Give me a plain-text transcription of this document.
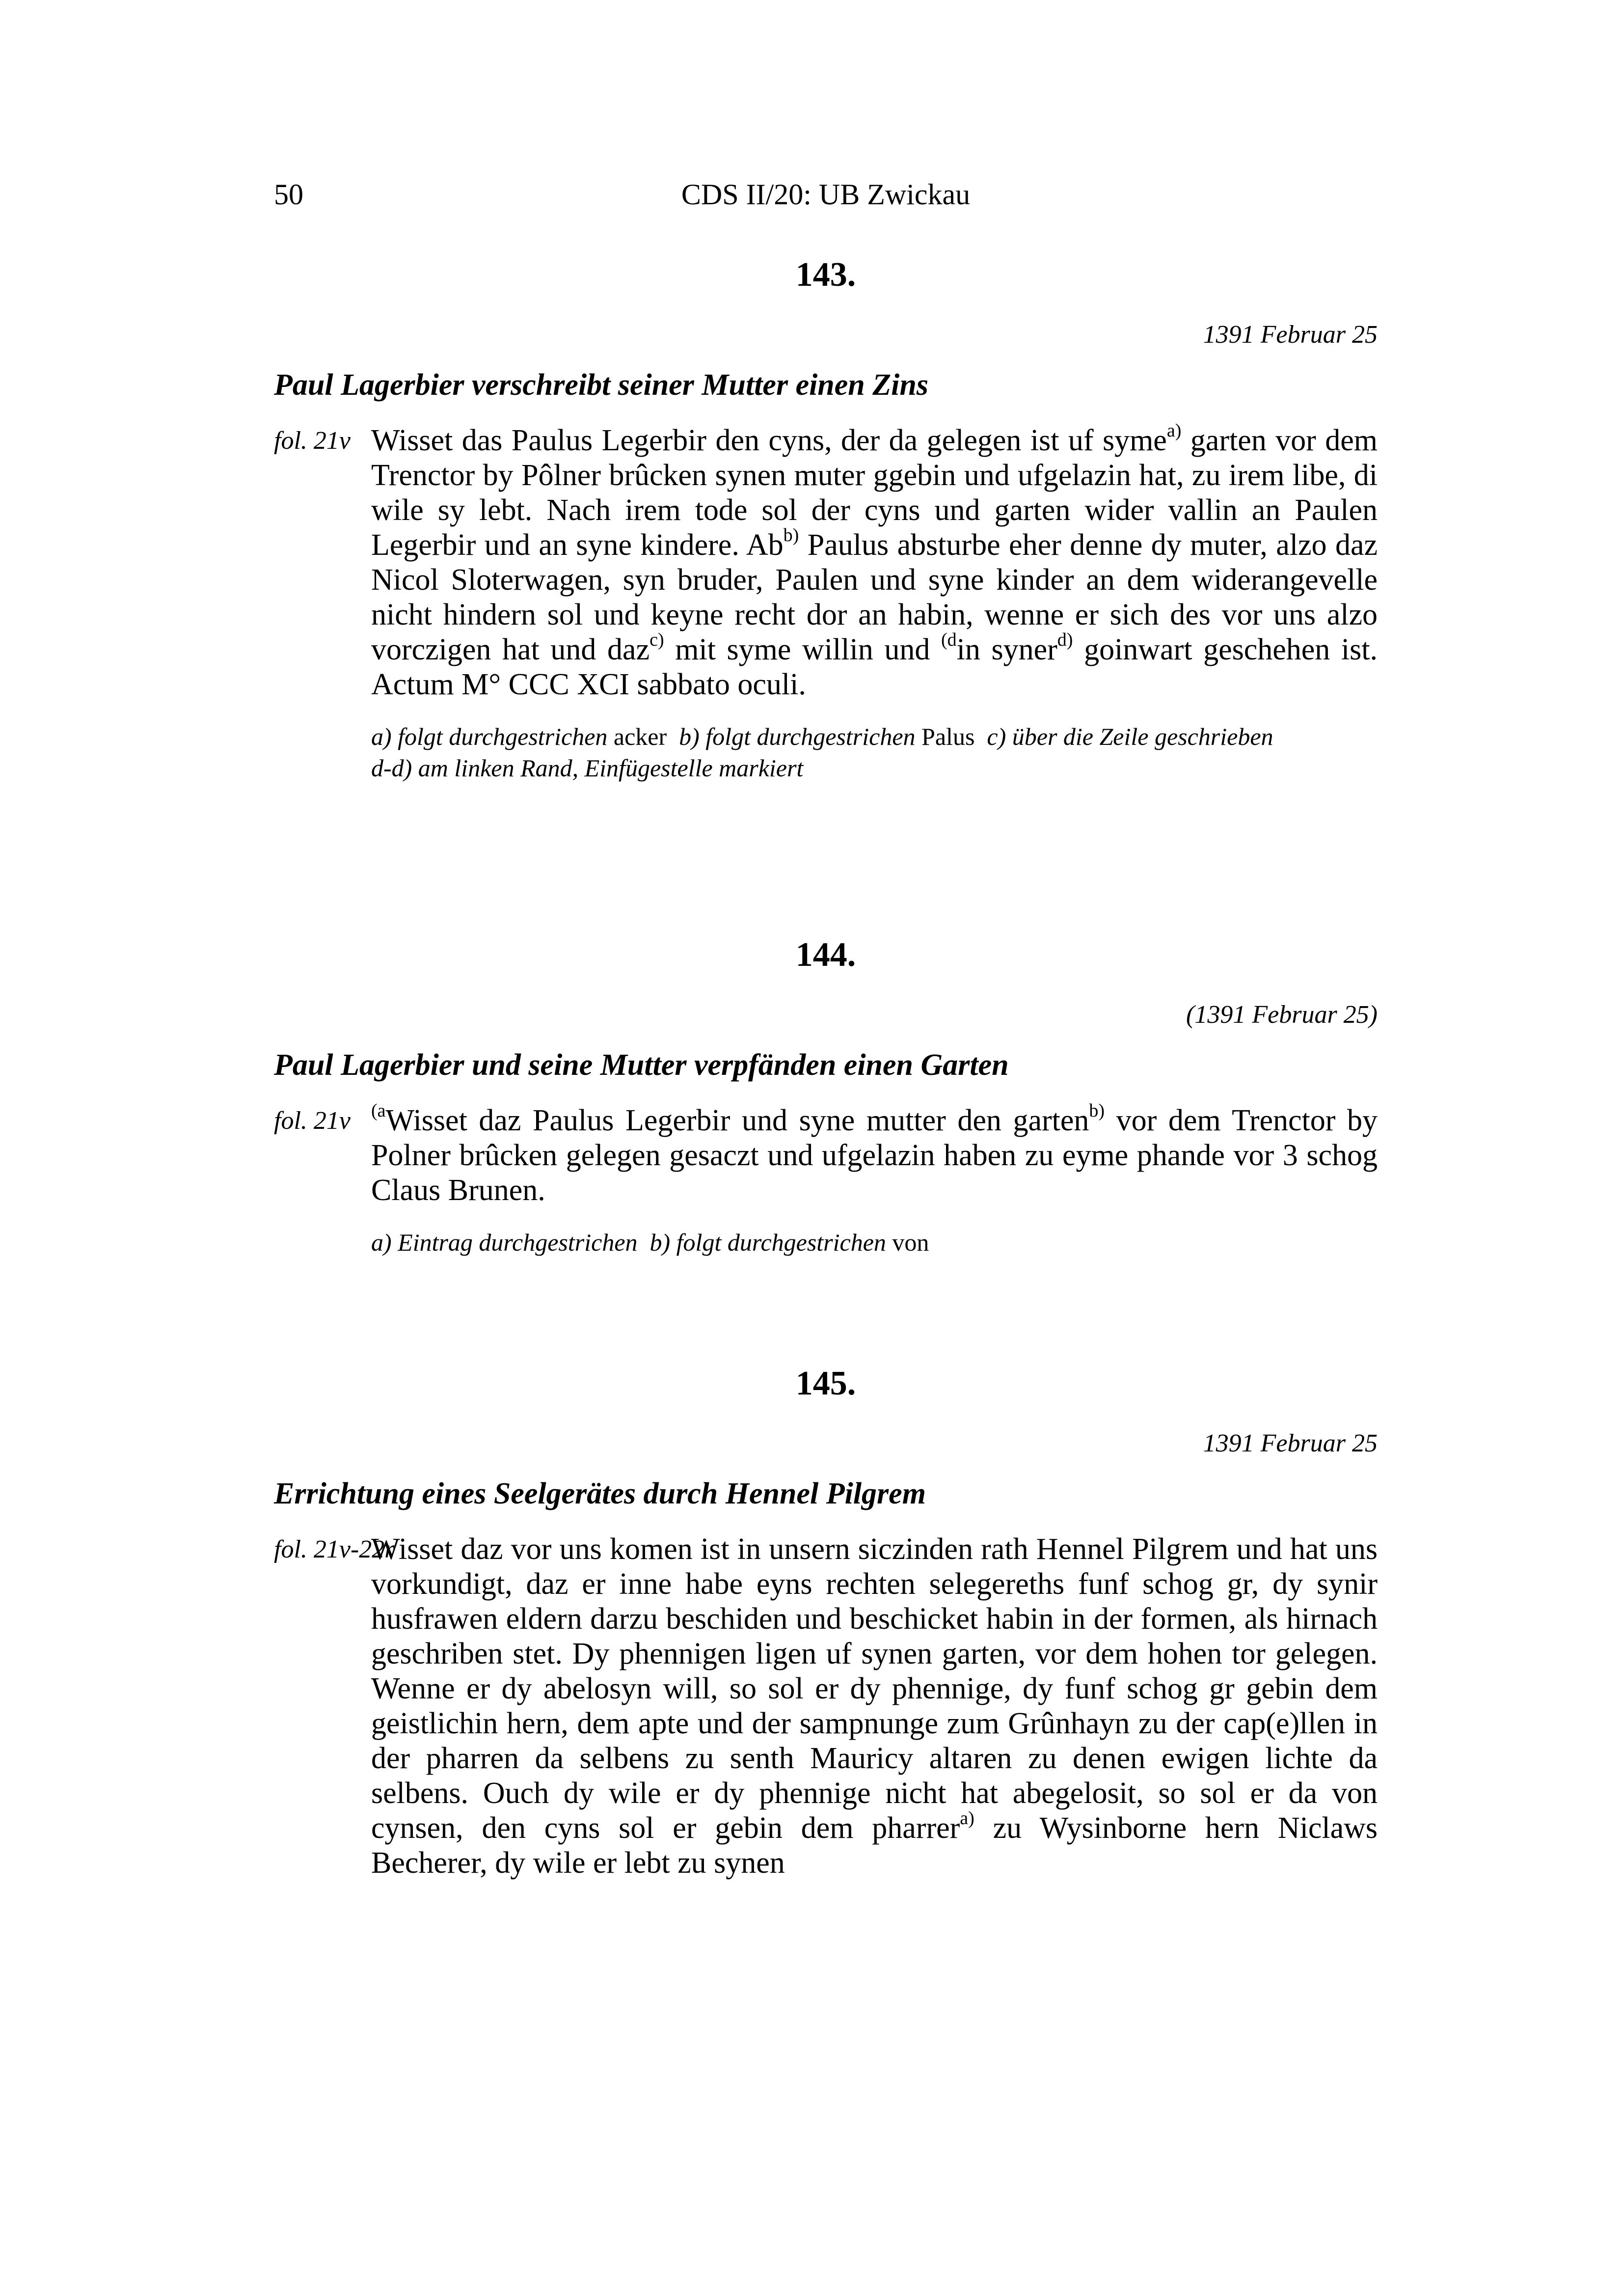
50	CDS II/20: UB Zwickau
143.
1391 Februar 25
Paul Lagerbier verschreibt seiner Mutter einen Zins
fol. 21v Wisset das Paulus Legerbir den cyns, der da gelegen ist uf syme$^{a)}$ garten vor dem Trenctor by Pôlner brûcken synen muter ggebin und ufgelazin hat, zu irem libe, di wile sy lebt. Nach irem tode sol der cyns und garten wider vallin an Paulen Legerbir und an syne kindere. Ab$^{b)}$ Paulus absturbe eher denne dy muter, alzo daz Nicol Sloterwagen, syn bruder, Paulen und syne kinder an dem widerangevelle nicht hindern sol und keyne recht dor an habin, wenne er sich des vor uns alzo vorczigen hat und daz$^{c)}$ mit syme willin und $^{(d}$in syner$^{d)}$ goinwart geschehen ist. Actum M° CCC XCI sabbato oculi.
a) folgt durchgestrichen acker b) folgt durchgestrichen Palus c) über die Zeile geschrieben
d-d) am linken Rand, Einfügestelle markiert
144.
(1391 Februar 25)
Paul Lagerbier und seine Mutter verpfänden einen Garten
fol. 21v $^{(a}$Wisset daz Paulus Legerbir und syne mutter den garten$^{b)}$ vor dem Trenctor by Polner brûcken gelegen gesaczt und ufgelazin haben zu eyme phande vor 3 schog Claus Brunen.
a) Eintrag durchgestrichen b) folgt durchgestrichen von
145.
1391 Februar 25
Errichtung eines Seelgerätes durch Hennel Pilgrem
fol. 21v-22r
Wisset daz vor uns komen ist in unsern siczinden rath Hennel Pilgrem und hat uns vorkundigt, daz er inne habe eyns rechten selegereths funf schog gr, dy synir husfrawen eldern darzu beschiden und beschicket habin in der formen, als hirnach geschriben stet. Dy phennigen ligen uf synen garten, vor dem hohen tor gelegen. Wenne er dy abelosyn will, so sol er dy phennige, dy funf schog gr gebin dem geistlichin hern, dem apte und der sampnunge zum Grûnhayn zu der cap(e)llen in der pharren da selbens zu senth Mauricy altaren zu denen ewigen lichte da selbens. Ouch dy wile er dy phennige nicht hat abegelosit, so sol er da von cynsen, den cyns sol er gebin dem pharrer$^{a)}$ zu Wysinborne hern Niclaws Becherer, dy wile er lebt zu synen
